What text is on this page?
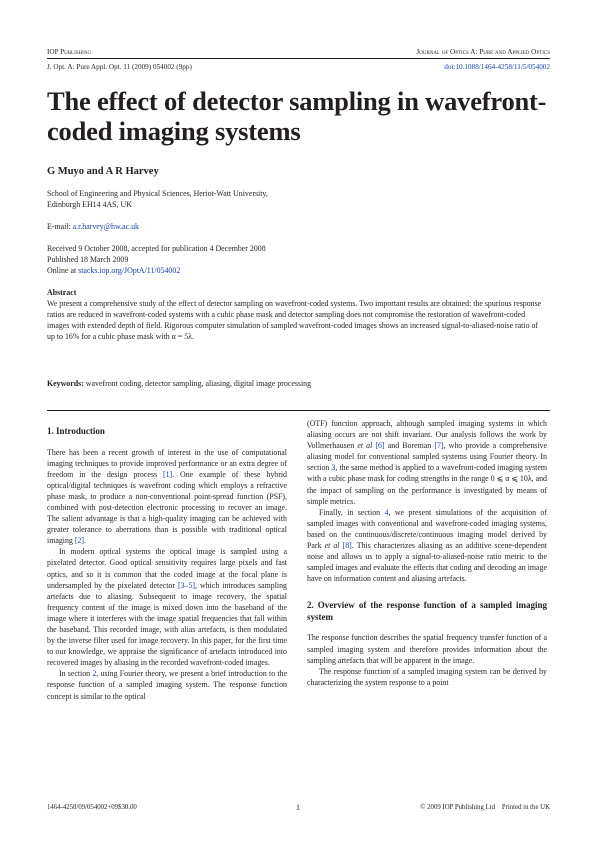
IOP Publishing	Journal of Optics A: Pure and Applied Optics
J. Opt. A: Pure Appl. Opt. 11 (2009) 054002 (9pp)	doi:10.1088/1464-4258/11/5/054002
The effect of detector sampling in wavefront-coded imaging systems
G Muyo and A R Harvey
School of Engineering and Physical Sciences, Heriot-Watt University,
Edinburgh EH14 4AS, UK
E-mail: a.r.harvey@hw.ac.uk
Received 9 October 2008, accepted for publication 4 December 2008
Published 18 March 2009
Online at stacks.iop.org/JOptA/11/054002
Abstract
We present a comprehensive study of the effect of detector sampling on wavefront-coded systems. Two important results are obtained: the spurious response ratios are reduced in wavefront-coded systems with a cubic phase mask and detector sampling does not compromise the restoration of wavefront-coded images with extended depth of field. Rigorous computer simulation of sampled wavefront-coded images shows an increased signal-to-aliased-noise ratio of up to 16% for a cubic phase mask with α = 5λ.
Keywords: wavefront coding, detector sampling, aliasing, digital image processing
1. Introduction

There has been a recent growth of interest in the use of computational imaging techniques to provide improved performance or an extra degree of freedom in the design process [1]. One example of these hybrid optical/digital techniques is wavefront coding which employs a refractive phase mask, to produce a non-conventional point-spread function (PSF), combined with post-detection electronic processing to recover an image. The salient advantage is that a high-quality imaging can be achieved with greater tolerance to aberrations than is possible with traditional optical imaging [2].

In modern optical systems the optical image is sampled using a pixelated detector. Good optical sensitivity requires large pixels and fast optics, and so it is common that the coded image at the focal plane is undersampled by the pixelated detector [3–5], which introduces sampling artefacts due to aliasing. Subsequent to image recovery, the spatial frequency content of the image is mixed down into the baseband of the image where it interferes with the image spatial frequencies that fall within the baseband. This recorded image, with alias artefacts, is then modulated by the inverse filter used for image recovery. In this paper, for the first time to our knowledge, we appraise the significance of artefacts introduced into recovered images by aliasing in the recorded wavefront-coded images.

In section 2, using Fourier theory, we present a brief introduction to the response function of a sampled imaging system. The response function concept is similar to the optical

(OTF) function approach, although sampled imaging systems in which aliasing occurs are not shift invariant. Our analysis follows the work by Vollmerhausen et al [6] and Boreman [7], who provide a comprehensive aliasing model for conventional sampled systems using Fourier theory. In section 3, the same method is applied to a wavefront-coded imaging system with a cubic phase mask for coding strengths in the range 0 ⩽ α ⩽ 10λ, and the impact of sampling on the performance is investigated by means of simple metrics.

Finally, in section 4, we present simulations of the acquisition of sampled images with conventional and wavefront-coded imaging systems, based on the continuous/discrete/continuous imaging model derived by Park et al [8]. This characterizes aliasing as an additive scene-dependent noise and allows us to apply a signal-to-aliased-noise ratio metric to the sampled images and evaluate the effects that coding and decoding an image have on information content and aliasing artefacts.

2. Overview of the response function of a sampled imaging system

The response function describes the spatial frequency transfer function of a sampled imaging system and therefore provides information about the sampling artefacts that will be apparent in the image.

The response function of a sampled imaging system can be derived by characterizing the system response to a point

1464-4258/09/054002+09$30.00	1	© 2009 IOP Publishing Ltd    Printed in the UK
